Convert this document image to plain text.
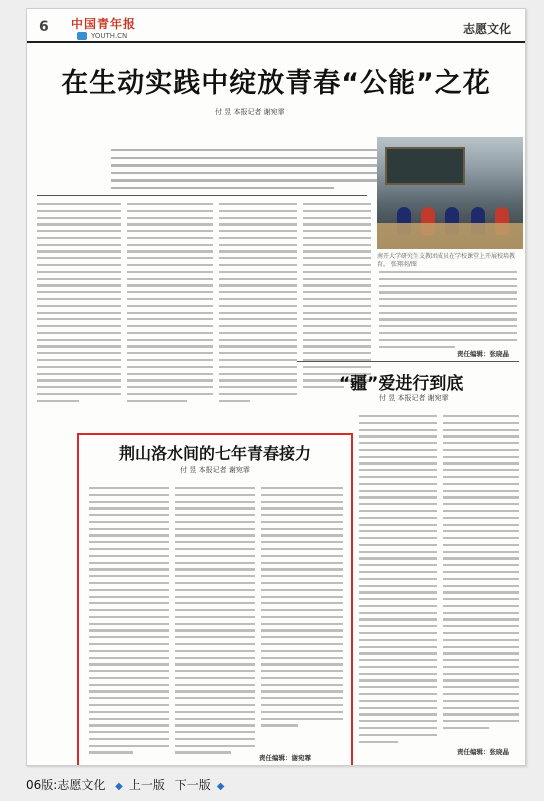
6 中国青年报
YOUTH.CN	志愿文化
在生动实践中绽放青春“公能”之花
付 昱 本报记者 谢宛霏
南开大学研究生支教团成员在学校课堂上开展校培教育。 张翔羽/图
责任编辑：张晓晶
“疆”爱进行到底
付 昱 本报记者 谢宛霏
责任编辑：张晓晶
荆山洛水间的七年青春接力
付 昱 本报记者 谢宛霏
责任编辑：谢宛霏
06版:志愿文化 ◆ 上一版 下一版 ◆
